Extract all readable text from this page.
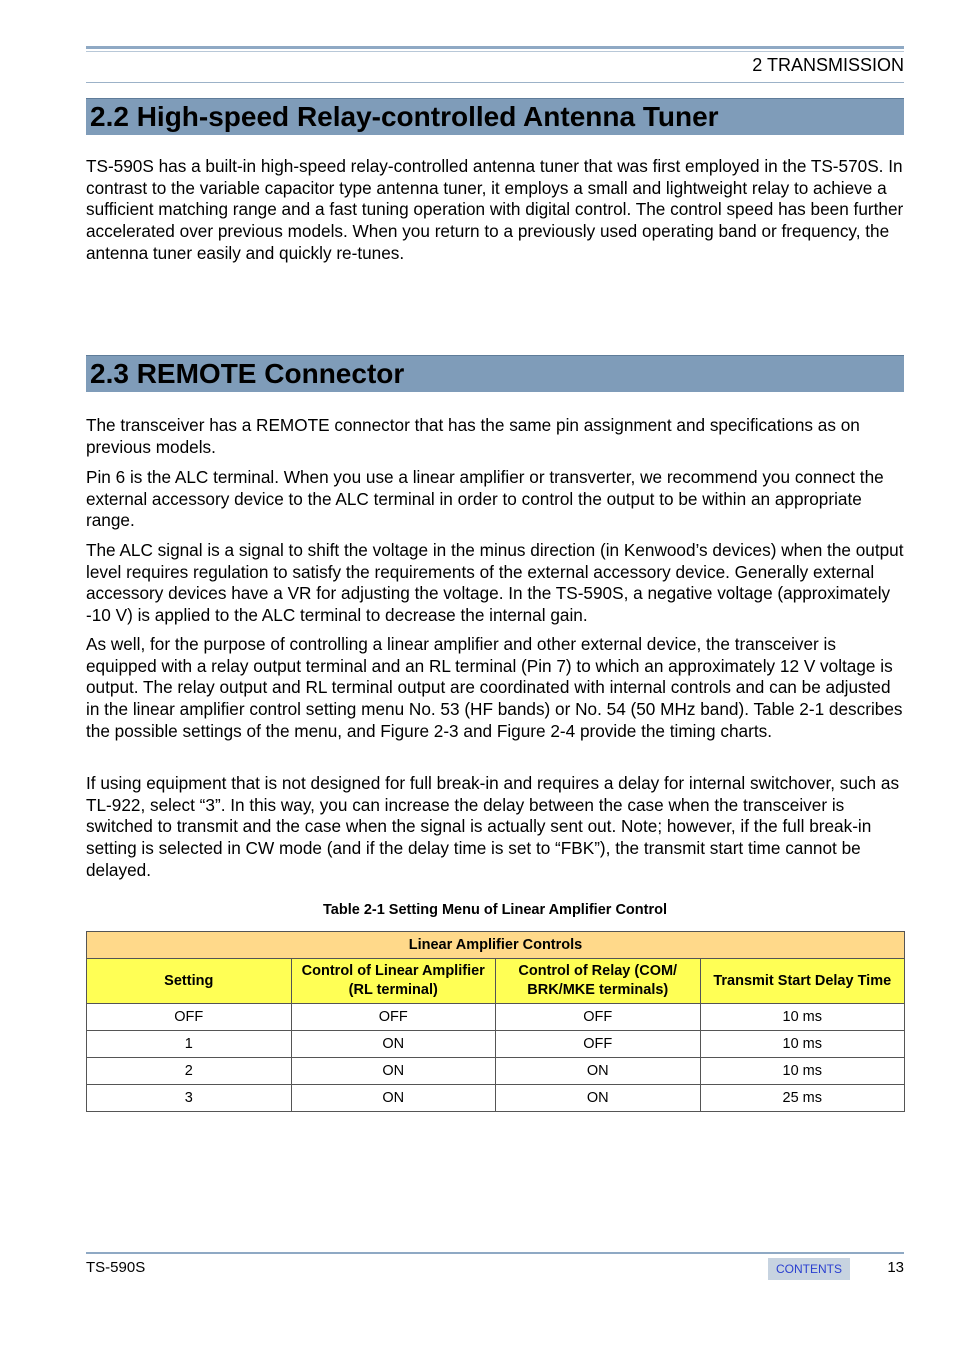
2 TRANSMISSION
2.2 High-speed Relay-controlled Antenna Tuner

TS-590S has a built-in high-speed relay-controlled antenna tuner that was first employed in the TS-570S. In contrast to the variable capacitor type antenna tuner, it employs a small and lightweight relay to achieve a sufficient matching range and a fast tuning operation with digital control. The control speed has been further accelerated over previous models. When you return to a previously used operating band or frequency, the antenna tuner easily and quickly re-tunes.

2.3 REMOTE Connector

The transceiver has a REMOTE connector that has the same pin assignment and specifications as on previous models.

Pin 6 is the ALC terminal. When you use a linear amplifier or transverter, we recommend you connect the external accessory device to the ALC terminal in order to control the output to be within an appropriate range.

The ALC signal is a signal to shift the voltage in the minus direction (in Kenwood’s devices) when the output level requires regulation to satisfy the requirements of the external accessory device. Generally external accessory devices have a VR for adjusting the voltage. In the TS-590S, a negative voltage (approximately -10 V) is applied to the ALC terminal to decrease the internal gain.

As well, for the purpose of controlling a linear amplifier and other external device, the transceiver is equipped with a relay output terminal and an RL terminal (Pin 7) to which an approximately 12 V voltage is output. The relay output and RL terminal output are coordinated with internal controls and can be adjusted in the linear amplifier control setting menu No. 53 (HF bands) or No. 54 (50 MHz band). Table 2-1 describes the possible settings of the menu, and Figure 2-3 and Figure 2-4 provide the timing charts.

If using equipment that is not designed for full break-in and requires a delay for internal switchover, such as TL-922, select “3”. In this way, you can increase the delay between the case when the transceiver is switched to transmit and the case when the signal is actually sent out. Note; however, if the full break-in setting is selected in CW mode (and if the delay time is set to “FBK”), the transmit start time cannot be delayed.

Table 2-1 Setting Menu of Linear Amplifier Control
Linear Amplifier Controls			
Setting	Control of Linear Amplifier (RL terminal)	Control of Relay (COM/ BRK/MKE terminals)	Transmit Start Delay Time
OFF	OFF	OFF	10 ms
1	ON	OFF	10 ms
2	ON	ON	10 ms
3	ON	ON	25 ms
TS-590S	CONTENTS	13
